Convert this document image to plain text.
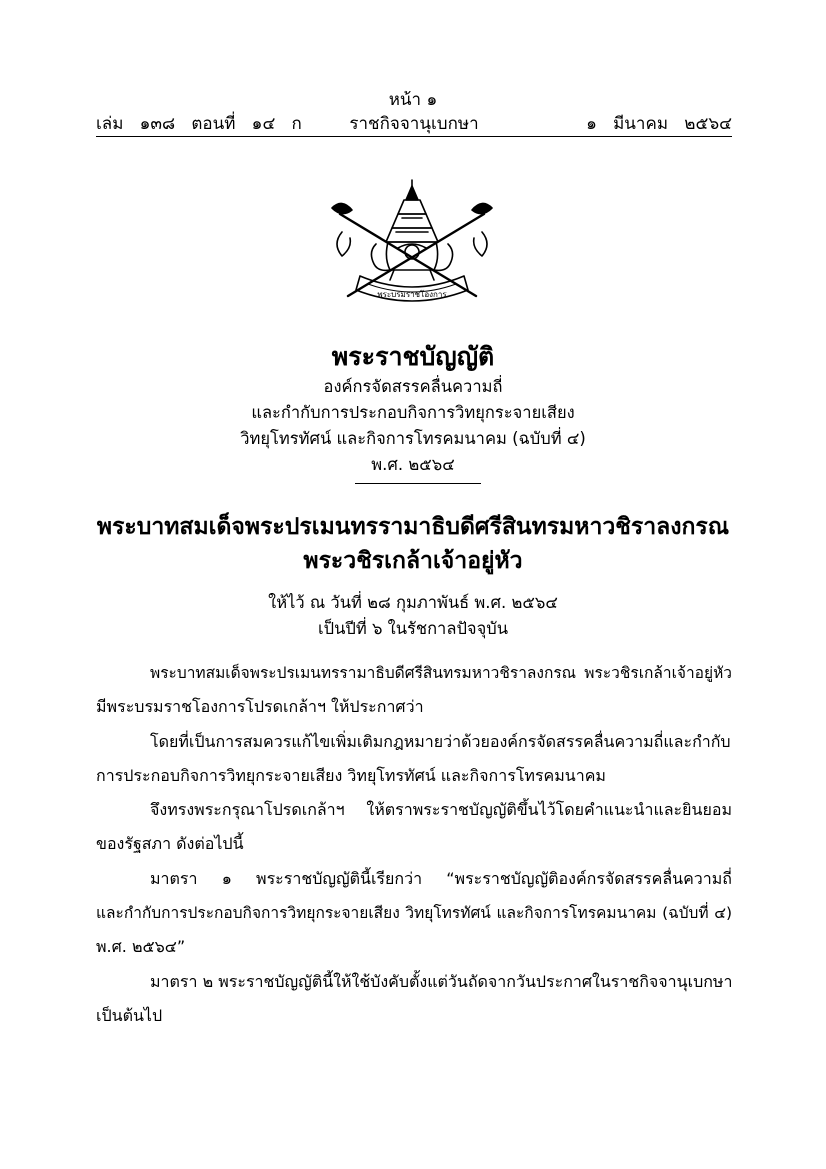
หน้า ๑
ราชกิจจานุเบกษา
เล่ม   ๑๓๘   ตอนที่   ๑๔   ก	๑   มีนาคม   ๒๕๖๔
พระบรมราชโองการ
พระราชบัญญัติ
องค์กรจัดสรรคลื่นความถี่
และกำกับการประกอบกิจการวิทยุกระจายเสียง
วิทยุโทรทัศน์ และกิจการโทรคมนาคม (ฉบับที่ ๔)
พ.ศ. ๒๕๖๔
พระบาทสมเด็จพระปรเมนทรรามาธิบดีศรีสินทรมหาวชิราลงกรณ
พระวชิรเกล้าเจ้าอยู่หัว
ให้ไว้ ณ วันที่ ๒๘ กุมภาพันธ์ พ.ศ. ๒๕๖๔
เป็นปีที่ ๖ ในรัชกาลปัจจุบัน
พระบาทสมเด็จพระปรเมนทรรามาธิบดีศรีสินทรมหาวชิราลงกรณ พระวชิรเกล้าเจ้าอยู่หัว
มีพระบรมราชโองการโปรดเกล้าฯ ให้ประกาศว่า
โดยที่เป็นการสมควรแก้ไขเพิ่มเติมกฎหมายว่าด้วยองค์กรจัดสรรคลื่นความถี่และกำกับ
การประกอบกิจการวิทยุกระจายเสียง วิทยุโทรทัศน์ และกิจการโทรคมนาคม
จึงทรงพระกรุณาโปรดเกล้าฯ ให้ตราพระราชบัญญัติขึ้นไว้โดยคำแนะนำและยินยอม
ของรัฐสภา ดังต่อไปนี้
มาตรา ๑ พระราชบัญญัตินี้เรียกว่า “พระราชบัญญัติองค์กรจัดสรรคลื่นความถี่
และกำกับการประกอบกิจการวิทยุกระจายเสียง วิทยุโทรทัศน์ และกิจการโทรคมนาคม (ฉบับที่ ๔)
พ.ศ. ๒๕๖๔”
มาตรา ๒ พระราชบัญญัตินี้ให้ใช้บังคับตั้งแต่วันถัดจากวันประกาศในราชกิจจานุเบกษา
เป็นต้นไป
